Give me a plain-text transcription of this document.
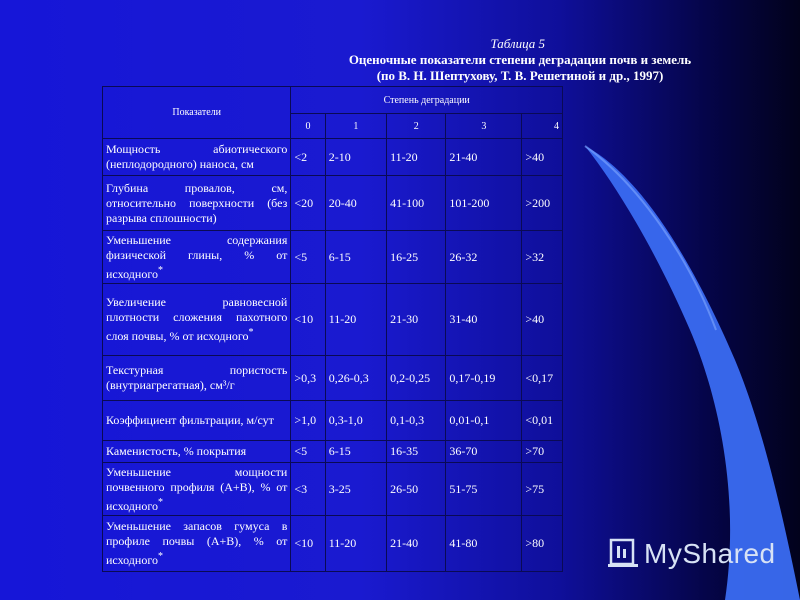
Таблица 5
Оценочные показатели степени деградации почв и земель
(по В. Н. Шептухову, Т. В. Решетиной и др., 1997)
Показатели	Степень деградации				
	0	1	2	3	4
Мощность абиотического (неплодородного) наноса, см	<2	2-10	11-20	21-40	>40
Глубина провалов, см, относительно поверхности (без разрыва сплошности)	<20	20-40	41-100	101-200	>200
Уменьшение содержания физической глины, % от исходного*	<5	6-15	16-25	26-32	>32
Увеличение равновесной плотности сложения пахотного слоя почвы, % от исходного*	<10	11-20	21-30	31-40	>40
Текстурная пористость (внутриагрегатная), см³/г	>0,3	0,26-0,3	0,2-0,25	0,17-0,19	<0,17
Коэффициент фильтрации, м/сут	>1,0	0,3-1,0	0,1-0,3	0,01-0,1	<0,01
Каменистость, % покрытия	<5	6-15	16-35	36-70	>70
Уменьшение мощности почвенного профиля (А+В), % от исходного*	<3	3-25	26-50	51-75	>75
Уменьшение запасов гумуса в профиле почвы (А+В), % от исходного*	<10	11-20	21-40	41-80	>80	MyShared
